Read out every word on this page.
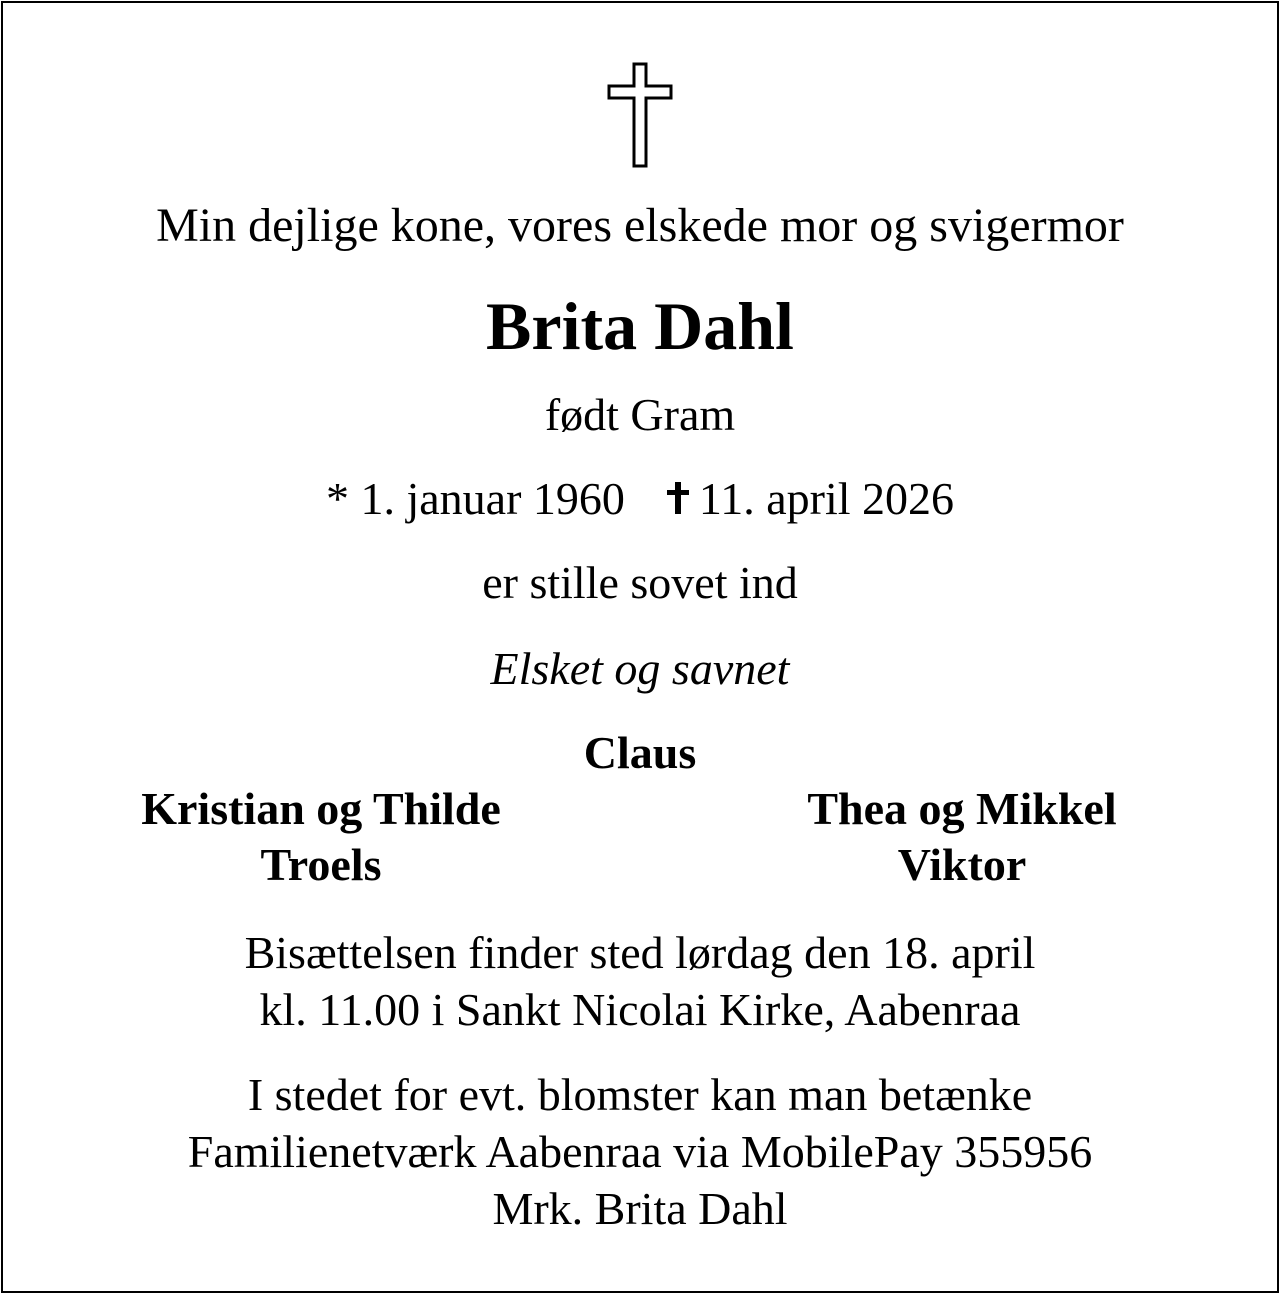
Min dejlige kone, vores elskede mor og svigermor
Brita Dahl
født Gram
* 1. januar 1960 11. april 2026
er stille sovet ind
Elsket og savnet
Claus
Kristian og Thilde
Troels
Thea og Mikkel
Viktor
Bisættelsen finder sted lørdag den 18. april
kl. 11.00 i Sankt Nicolai Kirke, Aabenraa
I stedet for evt. blomster kan man betænke
Familienetværk Aabenraa via MobilePay 355956
Mrk. Brita Dahl
